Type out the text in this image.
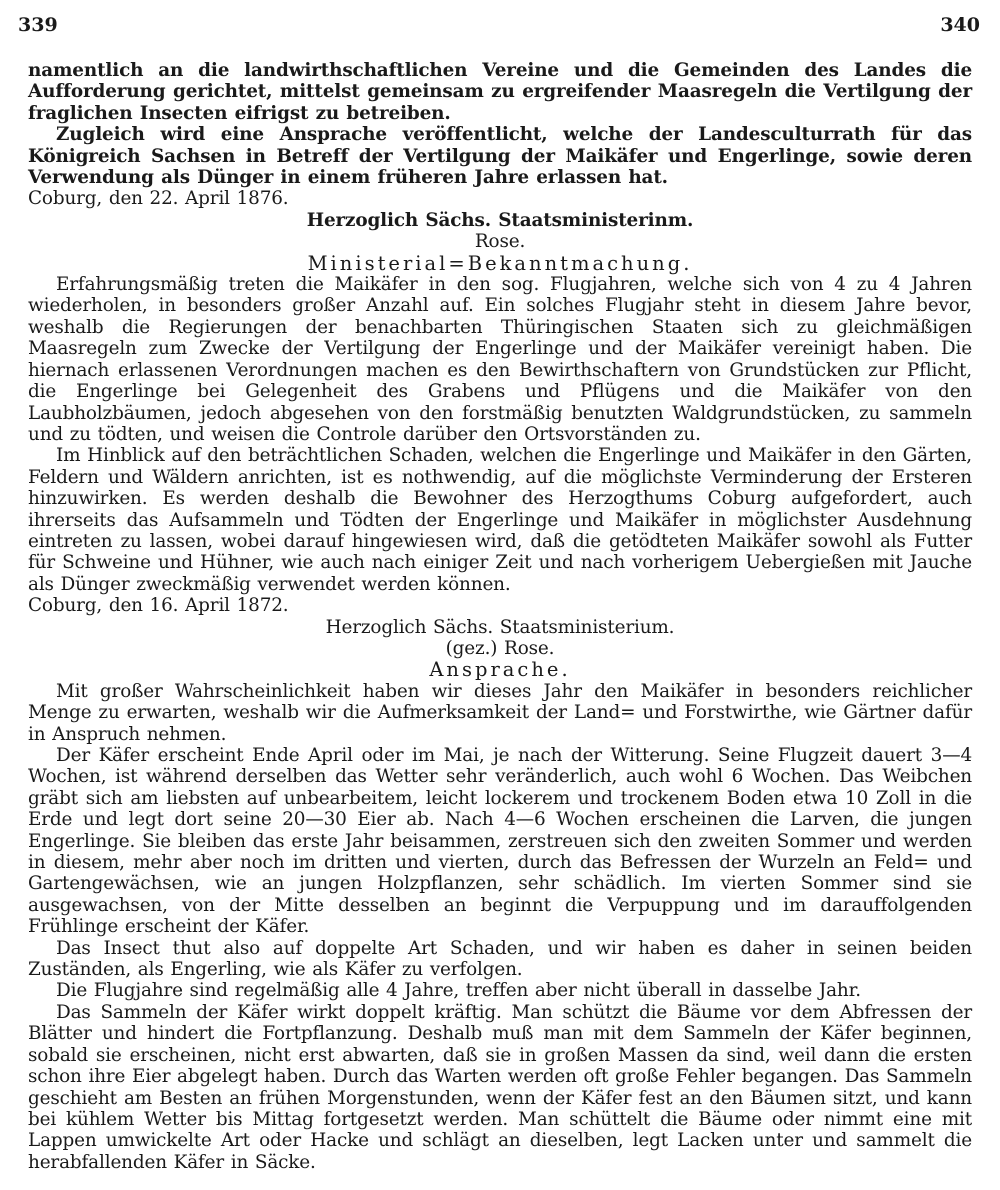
339	340

namentlich an die landwirthschaftlichen Vereine und die Gemeinden des Landes die Aufforderung gerichtet, mittelst gemeinsam zu ergreifender Maasregeln die Vertilgung der fraglichen Insecten eifrigst zu betreiben.

Zugleich wird eine Ansprache veröffentlicht, welche der Landesculturrath für das Königreich Sachsen in Betreff der Vertilgung der Maikäfer und Engerlinge, sowie deren Verwendung als Dünger in einem früheren Jahre erlassen hat.

Coburg, den 22. April 1876.

Herzoglich Sächs. Staatsministerinm.

Rose.

Ministerial=Bekanntmachung.

Erfahrungsmäßig treten die Maikäfer in den sog. Flugjahren, welche sich von 4 zu 4 Jahren wiederholen, in besonders großer Anzahl auf. Ein solches Flugjahr steht in diesem Jahre bevor, weshalb die Regierungen der benachbarten Thüringischen Staaten sich zu gleichmäßigen Maasregeln zum Zwecke der Vertilgung der Engerlinge und der Maikäfer vereinigt haben. Die hiernach erlassenen Verordnungen machen es den Bewirthschaftern von Grundstücken zur Pflicht, die Engerlinge bei Gelegenheit des Grabens und Pflügens und die Maikäfer von den Laubholzbäumen, jedoch abgesehen von den forstmäßig benutzten Waldgrundstücken, zu sammeln und zu tödten, und weisen die Controle darüber den Ortsvorständen zu.

Im Hinblick auf den beträchtlichen Schaden, welchen die Engerlinge und Maikäfer in den Gärten, Feldern und Wäldern anrichten, ist es nothwendig, auf die möglichste Verminderung der Ersteren hinzuwirken. Es werden deshalb die Bewohner des Herzogthums Coburg aufgefordert, auch ihrerseits das Aufsammeln und Tödten der Engerlinge und Maikäfer in möglichster Ausdehnung eintreten zu lassen, wobei darauf hingewiesen wird, daß die getödteten Maikäfer sowohl als Futter für Schweine und Hühner, wie auch nach einiger Zeit und nach vorherigem Uebergießen mit Jauche als Dünger zweckmäßig verwendet werden können.

Coburg, den 16. April 1872.

Herzoglich Sächs. Staatsministerium.

(gez.) Rose.

Ansprache.

Mit großer Wahrscheinlichkeit haben wir dieses Jahr den Maikäfer in besonders reichlicher Menge zu erwarten, weshalb wir die Aufmerksamkeit der Land= und Forstwirthe, wie Gärtner dafür in Anspruch nehmen.

Der Käfer erscheint Ende April oder im Mai, je nach der Witterung. Seine Flugzeit dauert 3—4 Wochen, ist während derselben das Wetter sehr veränderlich, auch wohl 6 Wochen. Das Weibchen gräbt sich am liebsten auf unbearbeitem, leicht lockerem und trockenem Boden etwa 10 Zoll in die Erde und legt dort seine 20—30 Eier ab. Nach 4—6 Wochen erscheinen die Larven, die jungen Engerlinge. Sie bleiben das erste Jahr beisammen, zerstreuen sich den zweiten Sommer und werden in diesem, mehr aber noch im dritten und vierten, durch das Befressen der Wurzeln an Feld= und Gartengewächsen, wie an jungen Holzpflanzen, sehr schädlich. Im vierten Sommer sind sie ausgewachsen, von der Mitte desselben an beginnt die Verpuppung und im darauffolgenden Frühlinge erscheint der Käfer.

Das Insect thut also auf doppelte Art Schaden, und wir haben es daher in seinen beiden Zuständen, als Engerling, wie als Käfer zu verfolgen.

Die Flugjahre sind regelmäßig alle 4 Jahre, treffen aber nicht überall in dasselbe Jahr.

Das Sammeln der Käfer wirkt doppelt kräftig. Man schützt die Bäume vor dem Abfressen der Blätter und hindert die Fortpflanzung. Deshalb muß man mit dem Sammeln der Käfer beginnen, sobald sie erscheinen, nicht erst abwarten, daß sie in großen Massen da sind, weil dann die ersten schon ihre Eier abgelegt haben. Durch das Warten werden oft große Fehler begangen. Das Sammeln geschieht am Besten an frühen Morgenstunden, wenn der Käfer fest an den Bäumen sitzt, und kann bei kühlem Wetter bis Mittag fortgesetzt werden. Man schüttelt die Bäume oder nimmt eine mit Lappen umwickelte Art oder Hacke und schlägt an dieselben, legt Lacken unter und sammelt die herabfallenden Käfer in Säcke.
